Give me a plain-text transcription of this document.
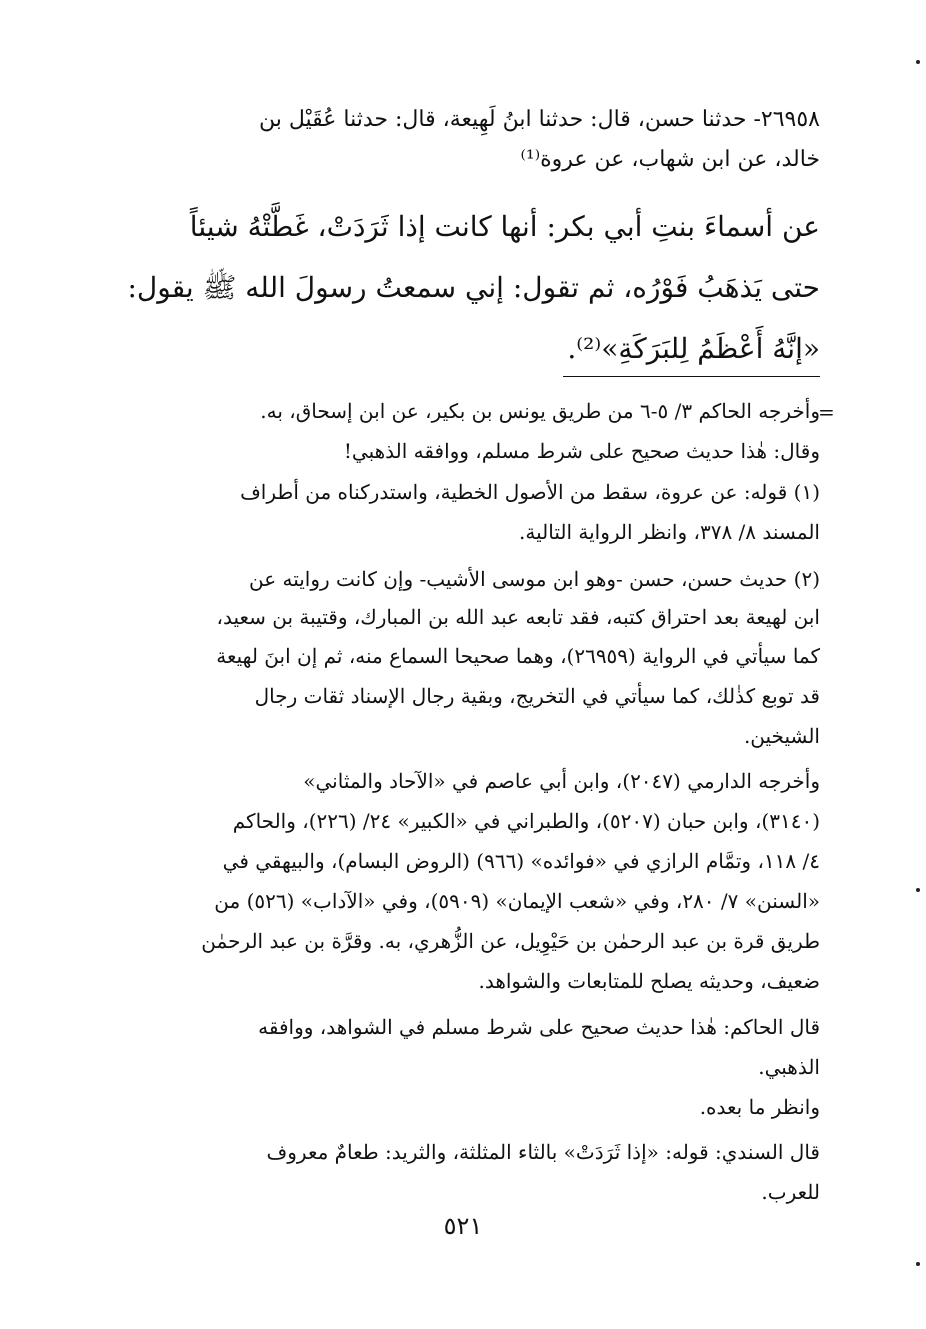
٢٦٩٥٨- حدثنا حسن، قال: حدثنا ابنُ لَهِيعة، قال: حدثنا عُقَيْل بن
خالد، عن ابن شهاب، عن عروة⁽¹⁾
عن أسماءَ بنتِ أبي بكر: أنها كانت إذا ثَرَدَتْ، غَطَّتْهُ شيئاً
حتى يَذهَبُ فَوْرُه، ثم تقول: إني سمعتُ رسولَ الله ﷺ يقول:
«إنَّهُ أَعْظَمُ لِلبَرَكَةِ»⁽²⁾.
=
وأخرجه الحاكم ٣/ ٥-٦ من طريق يونس بن بكير، عن ابن إسحاق، به.
وقال: هٰذا حديث صحيح على شرط مسلم، ووافقه الذهبي!
(١) قوله: عن عروة، سقط من الأصول الخطية، واستدركناه من أطراف
المسند ٨/ ٣٧٨، وانظر الرواية التالية.
(٢) حديث حسن، حسن -وهو ابن موسى الأشيب- وإن كانت روايته عن
ابن لهيعة بعد احتراق كتبه، فقد تابعه عبد الله بن المبارك، وقتيبة بن سعيد،
كما سيأتي في الرواية (٢٦٩٥٩)، وهما صحيحا السماع منه، ثم إن ابنَ لهيعة
قد توبع كذٰلك، كما سيأتي في التخريج، وبقية رجال الإسناد ثقات رجال
الشيخين.
وأخرجه الدارمي (٢٠٤٧)، وابن أبي عاصم في «الآحاد والمثاني»
(٣١٤٠)، وابن حبان (٥٢٠٧)، والطبراني في «الكبير» ٢٤/ (٢٢٦)، والحاكم
٤/ ١١٨، وتمَّام الرازي في «فوائده» (٩٦٦) (الروض البسام)، والبيهقي في
«السنن» ٧/ ٢٨٠، وفي «شعب الإيمان» (٥٩٠٩)، وفي «الآداب» (٥٢٦) من
طريق قرة بن عبد الرحمٰن بن حَيْوِيل، عن الزُّهري، به. وقرَّة بن عبد الرحمٰن
ضعيف، وحديثه يصلح للمتابعات والشواهد.
قال الحاكم: هٰذا حديث صحيح على شرط مسلم في الشواهد، ووافقه
الذهبي.
وانظر ما بعده.
قال السندي: قوله: «إذا ثَرَدَتْ» بالثاء المثلثة، والثريد: طعامٌ معروف
للعرب.
٥٢١
